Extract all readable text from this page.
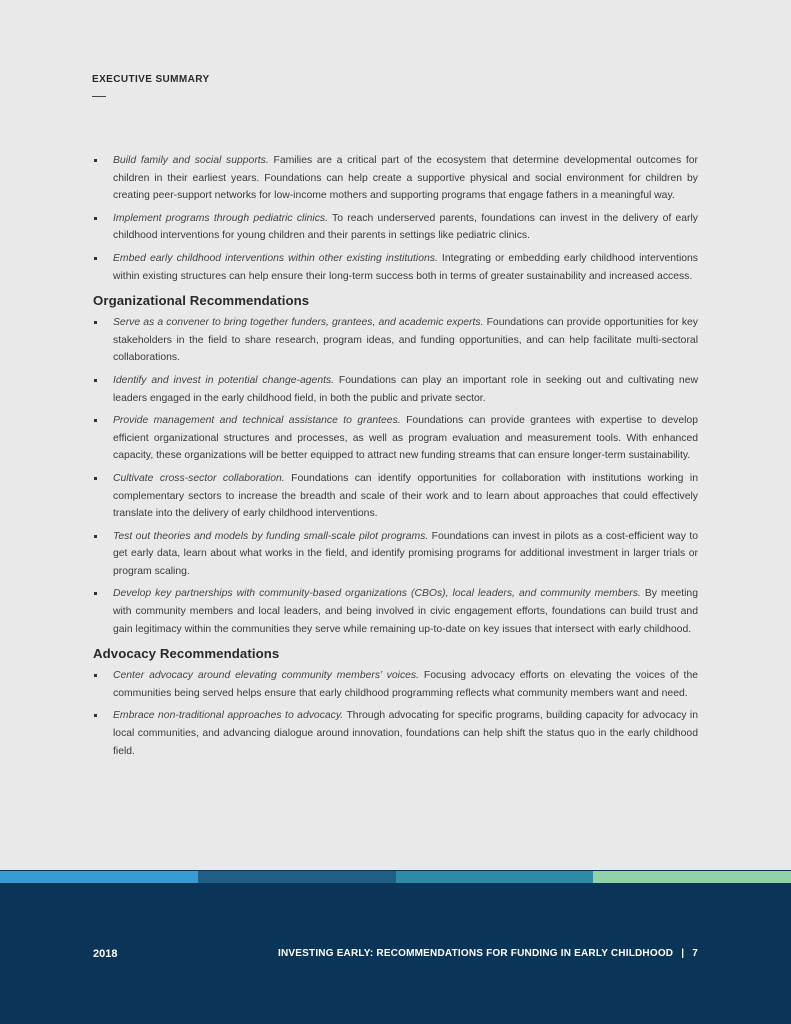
EXECUTIVE SUMMARY
Build family and social supports. Families are a critical part of the ecosystem that determine developmental outcomes for children in their earliest years. Foundations can help create a supportive physical and social environment for children by creating peer-support networks for low-income mothers and supporting programs that engage fathers in a meaningful way.
Implement programs through pediatric clinics. To reach underserved parents, foundations can invest in the delivery of early childhood interventions for young children and their parents in settings like pediatric clinics.
Embed early childhood interventions within other existing institutions. Integrating or embedding early childhood interventions within existing structures can help ensure their long-term success both in terms of greater sustainability and increased access.
Organizational Recommendations
Serve as a convener to bring together funders, grantees, and academic experts. Foundations can provide opportunities for key stakeholders in the field to share research, program ideas, and funding opportunities, and can help facilitate multi-sectoral collaborations.
Identify and invest in potential change-agents. Foundations can play an important role in seeking out and cultivating new leaders engaged in the early childhood field, in both the public and private sector.
Provide management and technical assistance to grantees. Foundations can provide grantees with expertise to develop efficient organizational structures and processes, as well as program evaluation and measurement tools. With enhanced capacity, these organizations will be better equipped to attract new funding streams that can ensure longer-term sustainability.
Cultivate cross-sector collaboration. Foundations can identify opportunities for collaboration with institutions working in complementary sectors to increase the breadth and scale of their work and to learn about approaches that could effectively translate into the delivery of early childhood interventions.
Test out theories and models by funding small-scale pilot programs. Foundations can invest in pilots as a cost-efficient way to get early data, learn about what works in the field, and identify promising programs for additional investment in larger trials or program scaling.
Develop key partnerships with community-based organizations (CBOs), local leaders, and community members. By meeting with community members and local leaders, and being involved in civic engagement efforts, foundations can build trust and gain legitimacy within the communities they serve while remaining up-to-date on key issues that intersect with early childhood.
Advocacy Recommendations
Center advocacy around elevating community members’ voices. Focusing advocacy efforts on elevating the voices of the communities being served helps ensure that early childhood programming reflects what community members want and need.
Embrace non-traditional approaches to advocacy. Through advocating for specific programs, building capacity for advocacy in local communities, and advancing dialogue around innovation, foundations can help shift the status quo in the early childhood field.
2018	INVESTING EARLY: RECOMMENDATIONS FOR FUNDING IN EARLY CHILDHOOD | 7
